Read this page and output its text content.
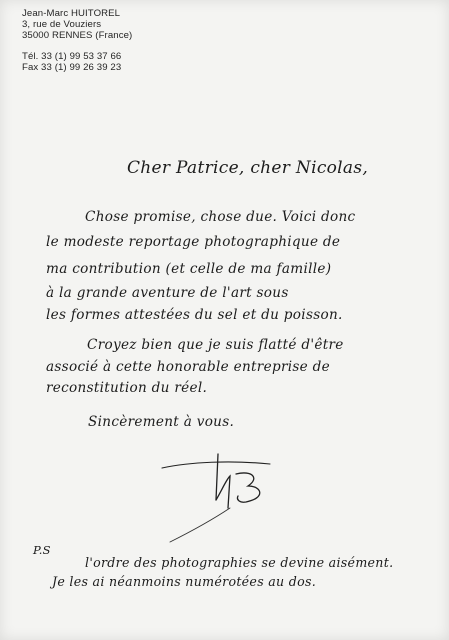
Jean-Marc HUITOREL
3, rue de Vouziers
35000 RENNES (France)
Tél. 33 (1) 99 53 37 66
Fax 33 (1) 99 26 39 23
Cher Patrice, cher Nicolas,
Chose promise, chose due. Voici donc
le modeste reportage photographique de
ma contribution (et celle de ma famille)
à la grande aventure de l'art sous
les formes attestées du sel et du poisson.
Croyez bien que je suis flatté d'être
associé à cette honorable entreprise de
reconstitution du réel.
Sincèrement à vous.
P.S
l'ordre des photographies se devine aisément.
Je les ai néanmoins numérotées au dos.
